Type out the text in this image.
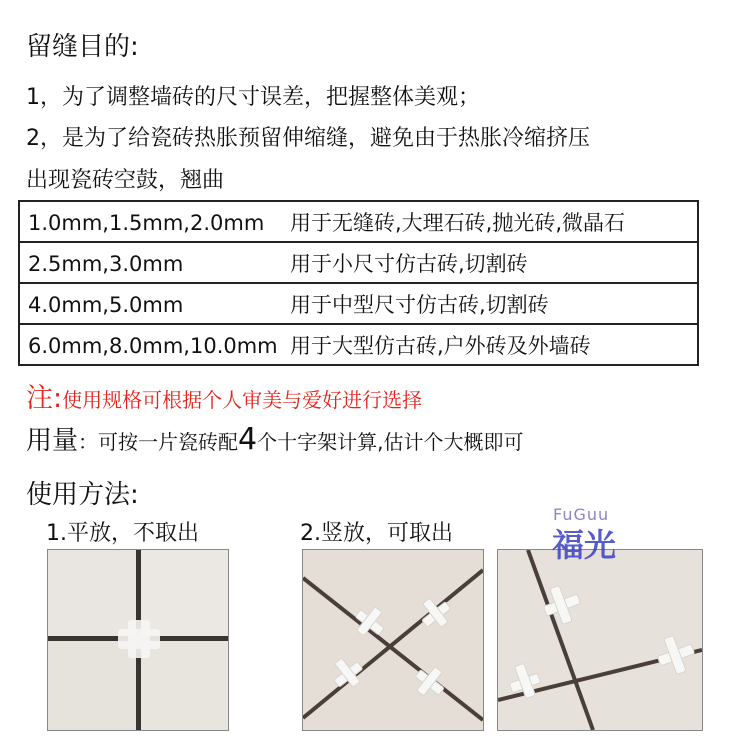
留缝目的:
1，为了调整墙砖的尺寸误差，把握整体美观；
2，是为了给瓷砖热胀预留伸缩缝，避免由于热胀冷缩挤压
出现瓷砖空鼓，翘曲
1.0mm,1.5mm,2.0mm 用于无缝砖,大理石砖,抛光砖,微晶石
2.5mm,3.0mm	用于小尺寸仿古砖,切割砖
4.0mm,5.0mm	用于中型尺寸仿古砖,切割砖
6.0mm,8.0mm,10.0mm 用于大型仿古砖,户外砖及外墙砖
注:使用规格可根据个人审美与爱好进行选择
用量：可按一片瓷砖配4个十字架计算,估计个大概即可
使用方法:
1.平放，不取出	2.竖放，可取出
FuGuu
福光
